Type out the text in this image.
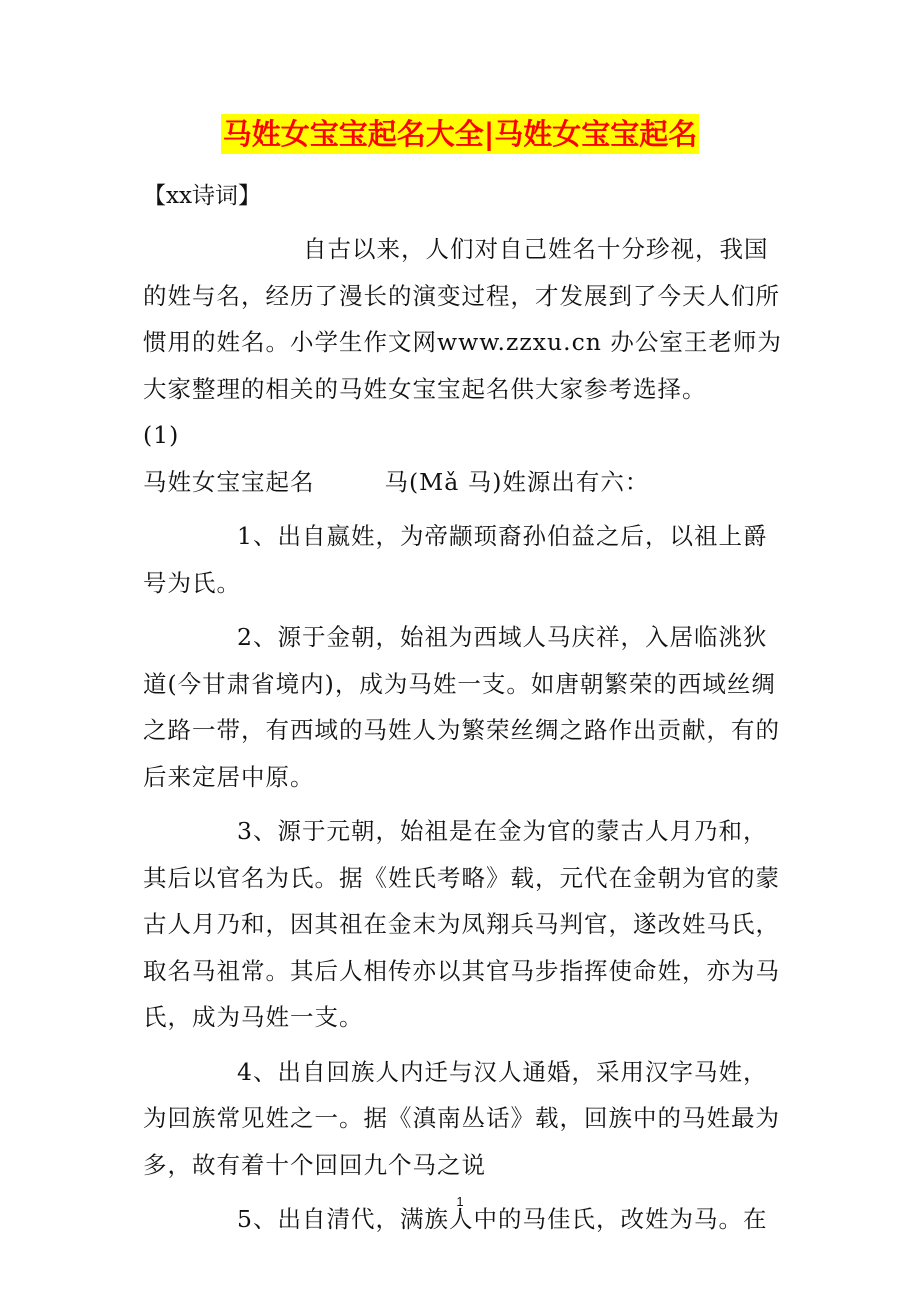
马姓女宝宝起名大全|马姓女宝宝起名
【xx诗词】

自古以来，人们对自己姓名十分珍视，我国的姓与名，经历了漫长的演变过程，才发展到了今天人们所惯用的姓名。小学生作文网www.zzxu.cn 办公室王老师为大家整理的相关的马姓女宝宝起名供大家参考选择。(1)
马姓女宝宝起名	马(Mǎ 马)姓源出有六：

1、出自嬴姓，为帝颛顼裔孙伯益之后，以祖上爵号为氏。

2、源于金朝，始祖为西域人马庆祥，入居临洮狄道(今甘肃省境内)，成为马姓一支。如唐朝繁荣的西域丝绸之路一带，有西域的马姓人为繁荣丝绸之路作出贡献，有的后来定居中原。

3、源于元朝，始祖是在金为官的蒙古人月乃和，其后以官名为氏。据《姓氏考略》载，元代在金朝为官的蒙古人月乃和，因其祖在金末为凤翔兵马判官，遂改姓马氏，取名马祖常。其后人相传亦以其官马步指挥使命姓，亦为马氏，成为马姓一支。

4、出自回族人内迁与汉人通婚，采用汉字马姓，为回族常见姓之一。据《滇南丛话》载，回族中的马姓最为多，故有着十个回回九个马之说

5、出自清代，满族人中的马佳氏，改姓为马。在

1
